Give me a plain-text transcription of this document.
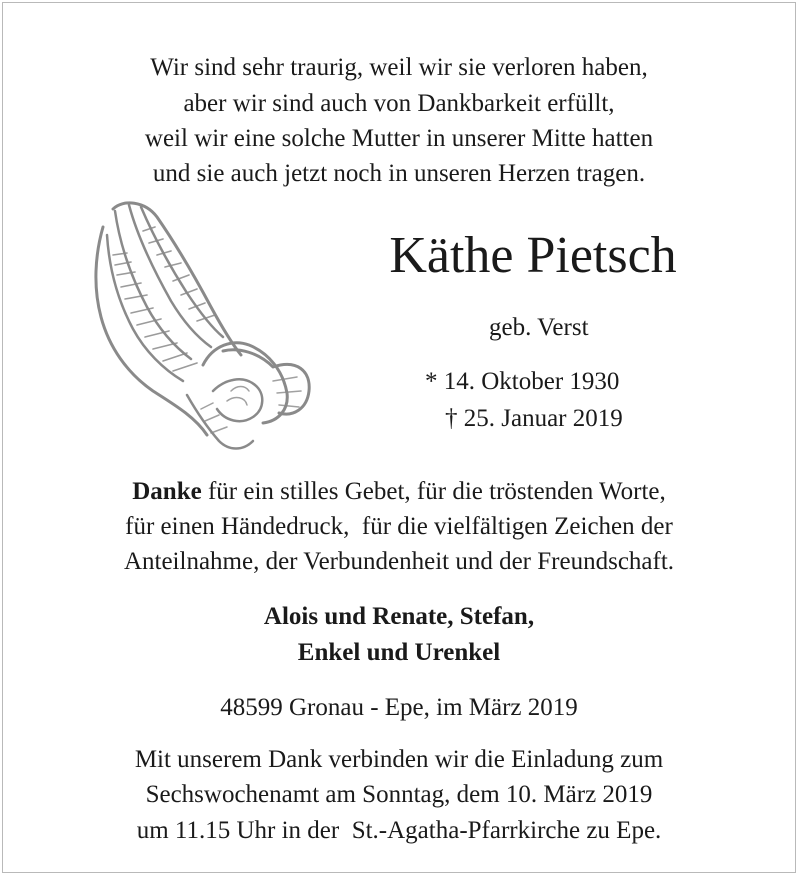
Wir sind sehr traurig, weil wir sie verloren haben,
aber wir sind auch von Dankbarkeit erfüllt,
weil wir eine solche Mutter in unserer Mitte hatten
und sie auch jetzt noch in unseren Herzen tragen.
Käthe Pietsch
geb. Verst
* 14. Oktober 1930
† 25. Januar 2019
Danke für ein stilles Gebet, für die tröstenden Worte,
für einen Händedruck,  für die vielfältigen Zeichen der
Anteilnahme, der Verbundenheit und der Freundschaft.
Alois und Renate, Stefan,
Enkel und Urenkel
48599 Gronau - Epe, im März 2019
Mit unserem Dank verbinden wir die Einladung zum
Sechswochenamt am Sonntag, dem 10. März 2019
um 11.15 Uhr in der  St.-Agatha-Pfarrkirche zu Epe.
